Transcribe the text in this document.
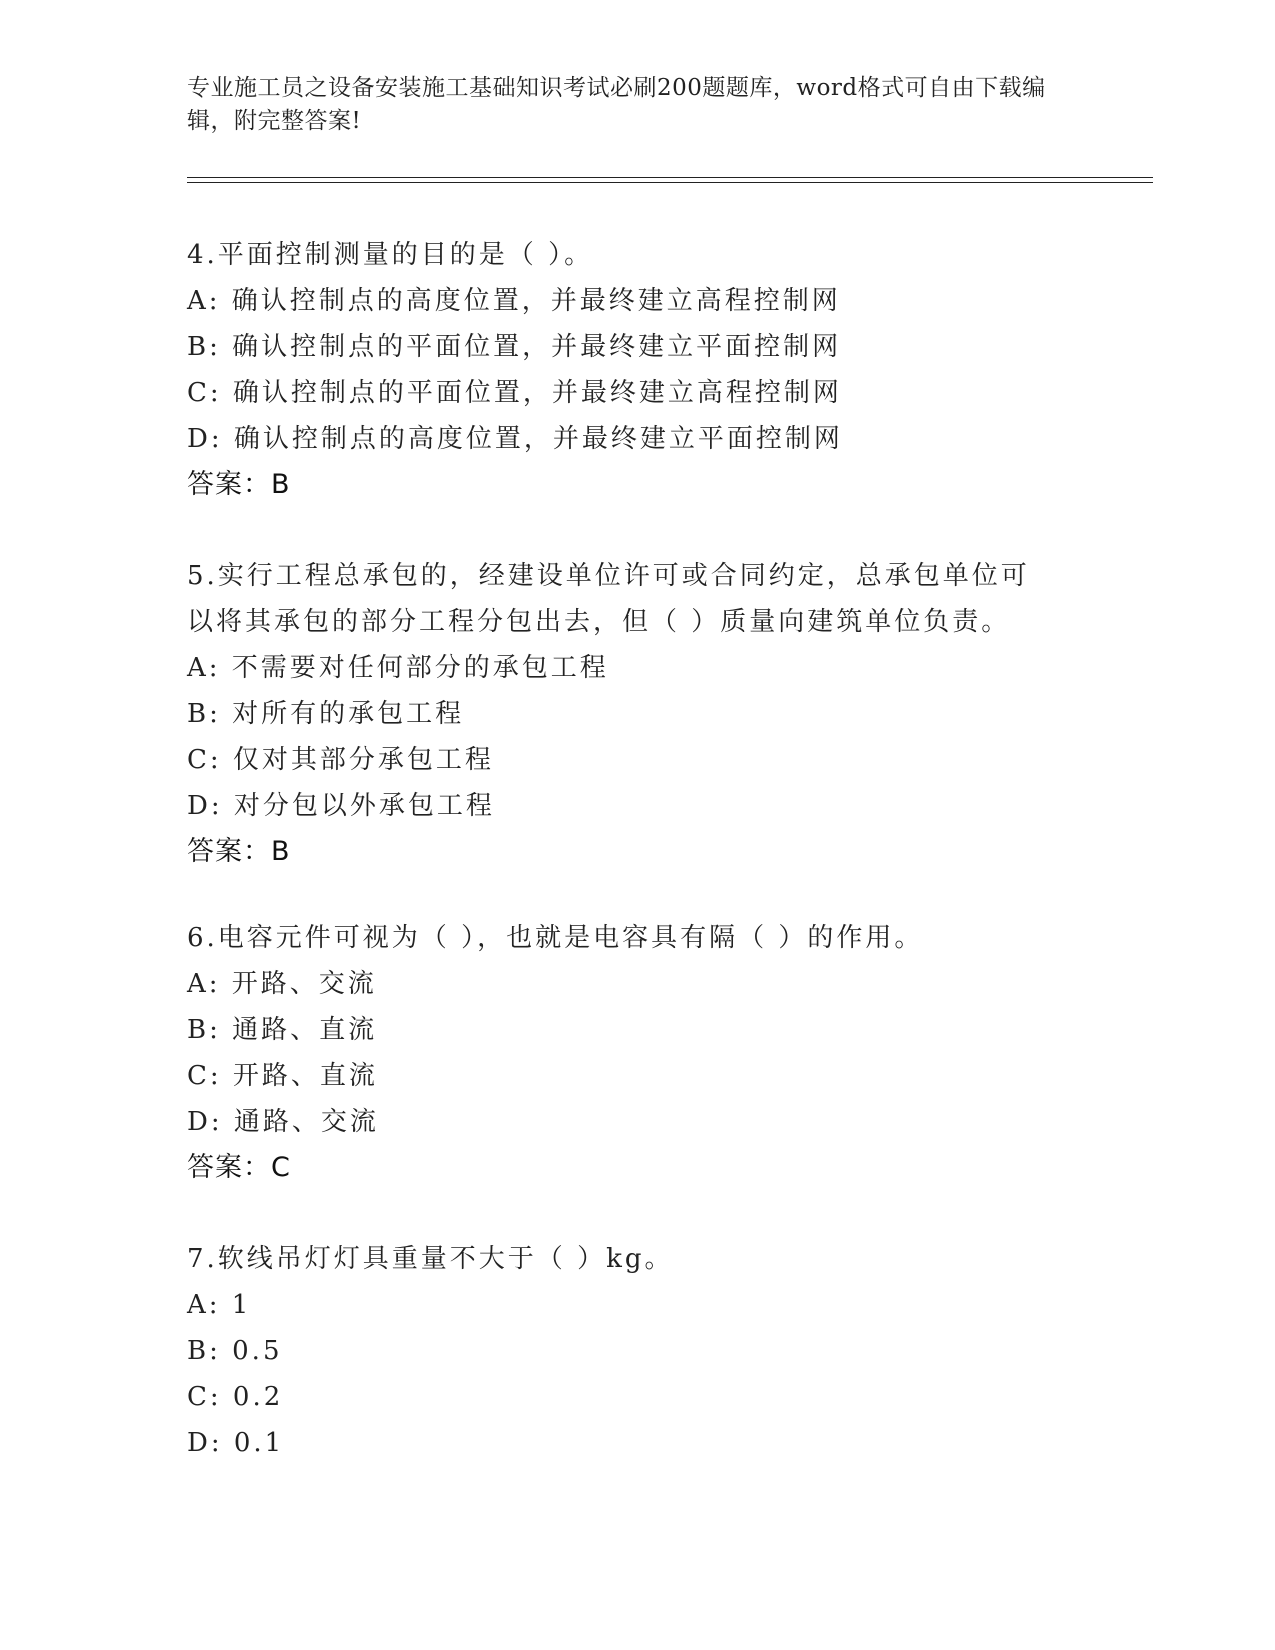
专业施工员之设备安装施工基础知识考试必刷200题题库，word格式可自由下载编辑，附完整答案!
4.平面控制测量的目的是（ ）。
A: 确认控制点的高度位置，并最终建立高程控制网
B: 确认控制点的平面位置，并最终建立平面控制网
C: 确认控制点的平面位置，并最终建立高程控制网
D: 确认控制点的高度位置，并最终建立平面控制网
答案：B
5.实行工程总承包的，经建设单位许可或合同约定，总承包单位可以将其承包的部分工程分包出去，但（ ）质量向建筑单位负责。
A: 不需要对任何部分的承包工程
B: 对所有的承包工程
C: 仅对其部分承包工程
D: 对分包以外承包工程
答案：B
6.电容元件可视为（ ），也就是电容具有隔（ ）的作用。
A: 开路、交流
B: 通路、直流
C: 开路、直流
D: 通路、交流
答案：C
7.软线吊灯灯具重量不大于（ ）kg。
A: 1
B: 0.5
C: 0.2
D: 0.1
